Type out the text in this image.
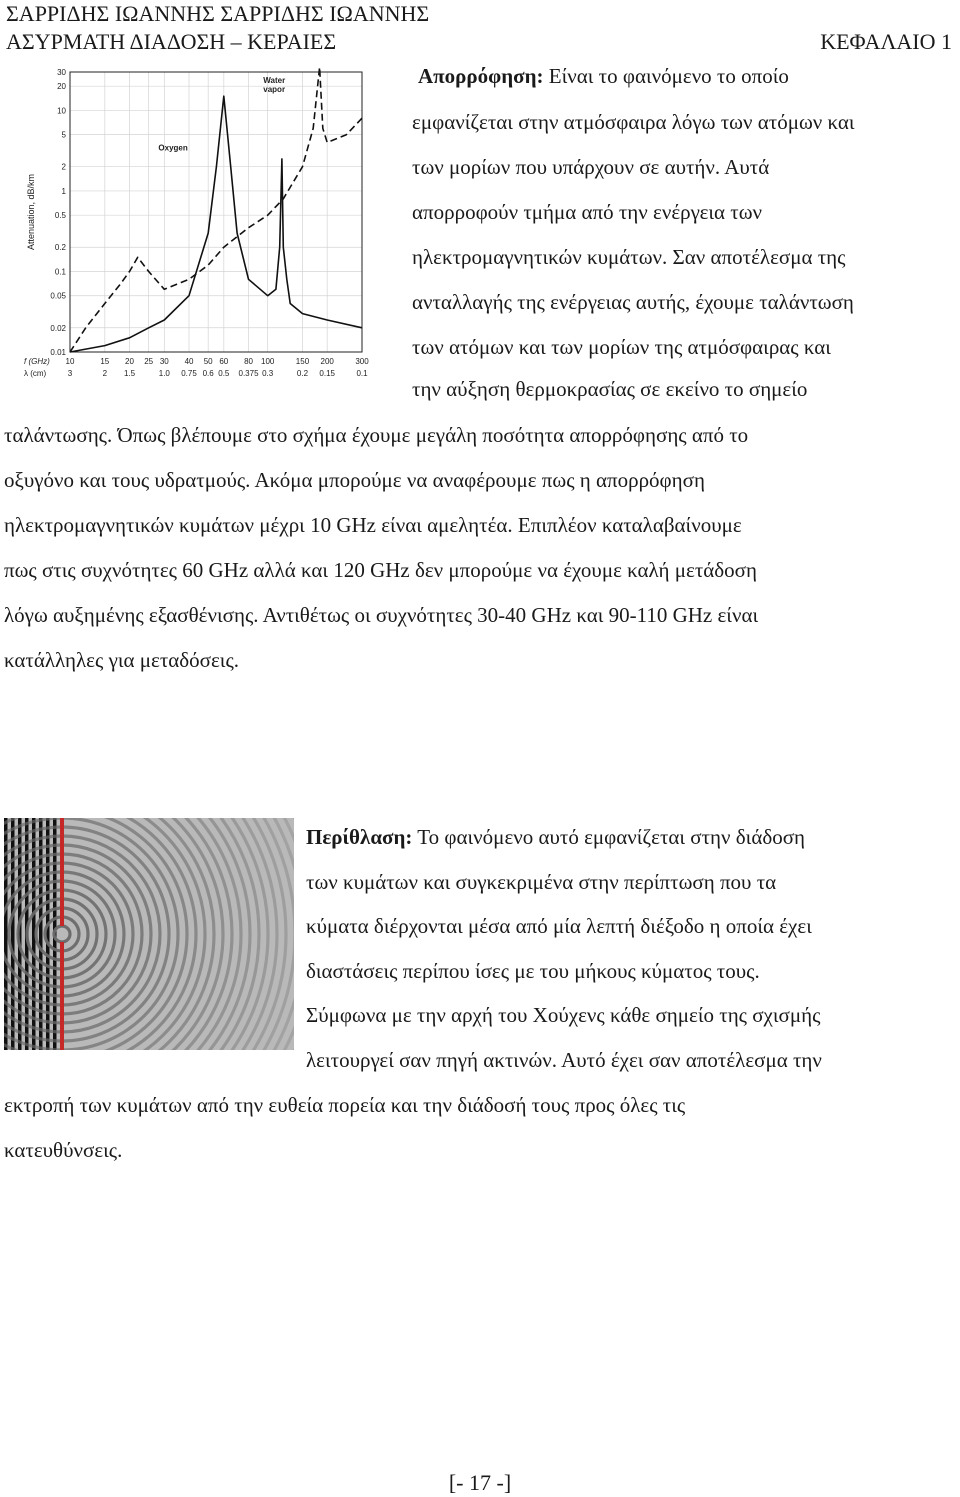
ΣΑΡΡΙΔΗΣ ΙΩΑΝΝΗΣ ΣΑΡΡΙΔΗΣ ΙΩΑΝΝΗΣ
ΑΣΥΡΜΑΤΗ ΔΙΑΔΟΣΗ – ΚΕΡΑΙΕΣ	ΚΕΦΑΛΑΙΟ 1
30
20
10
5
2
1
0.5
0.2
0.1
0.05
0.02
0.01
10	15 20 25 30 40 50 60 80 100	150 200	300
3	2 1.5	1.0 0.75 0.6 0.5 0.375 0.3	0.2 0.15	0.1
f (GHz)
λ (cm)
Attenuation, dB/km
Oxygen
Water
vapor
Απορρόφηση: Είναι το φαινόμενο το οποίο
εμφανίζεται στην ατμόσφαιρα λόγω των ατόμων και
των μορίων που υπάρχουν σε αυτήν. Αυτά
απορροφούν τμήμα από την ενέργεια των
ηλεκτρομαγνητικών κυμάτων. Σαν αποτέλεσμα της
ανταλλαγής της ενέργειας αυτής, έχουμε ταλάντωση
των ατόμων και των μορίων της ατμόσφαιρας και
την αύξηση θερμοκρασίας σε εκείνο το σημείο
ταλάντωσης. Όπως βλέπουμε στο σχήμα έχουμε μεγάλη ποσότητα απορρόφησης από το
οξυγόνο και τους υδρατμούς. Ακόμα μπορούμε να αναφέρουμε πως η απορρόφηση
ηλεκτρομαγνητικών κυμάτων μέχρι 10 GHz είναι αμελητέα. Επιπλέον καταλαβαίνουμε
πως στις συχνότητες 60 GHz αλλά και 120 GHz δεν μπορούμε να έχουμε καλή μετάδοση
λόγω αυξημένης εξασθένισης. Αντιθέτως οι συχνότητες 30-40 GHz και 90-110 GHz είναι
κατάλληλες για μεταδόσεις.
Περίθλαση: Το φαινόμενο αυτό εμφανίζεται στην διάδοση
των κυμάτων και συγκεκριμένα στην περίπτωση που τα
κύματα διέρχονται μέσα από μία λεπτή διέξοδο η οποία έχει
διαστάσεις περίπου ίσες με του μήκους κύματος τους.
Σύμφωνα με την αρχή του Χούχενς κάθε σημείο της σχισμής
λειτουργεί σαν πηγή ακτινών. Αυτό έχει σαν αποτέλεσμα την
εκτροπή των κυμάτων από την ευθεία πορεία και την διάδοσή τους προς όλες τις
κατευθύνσεις.
[- 17 -]
